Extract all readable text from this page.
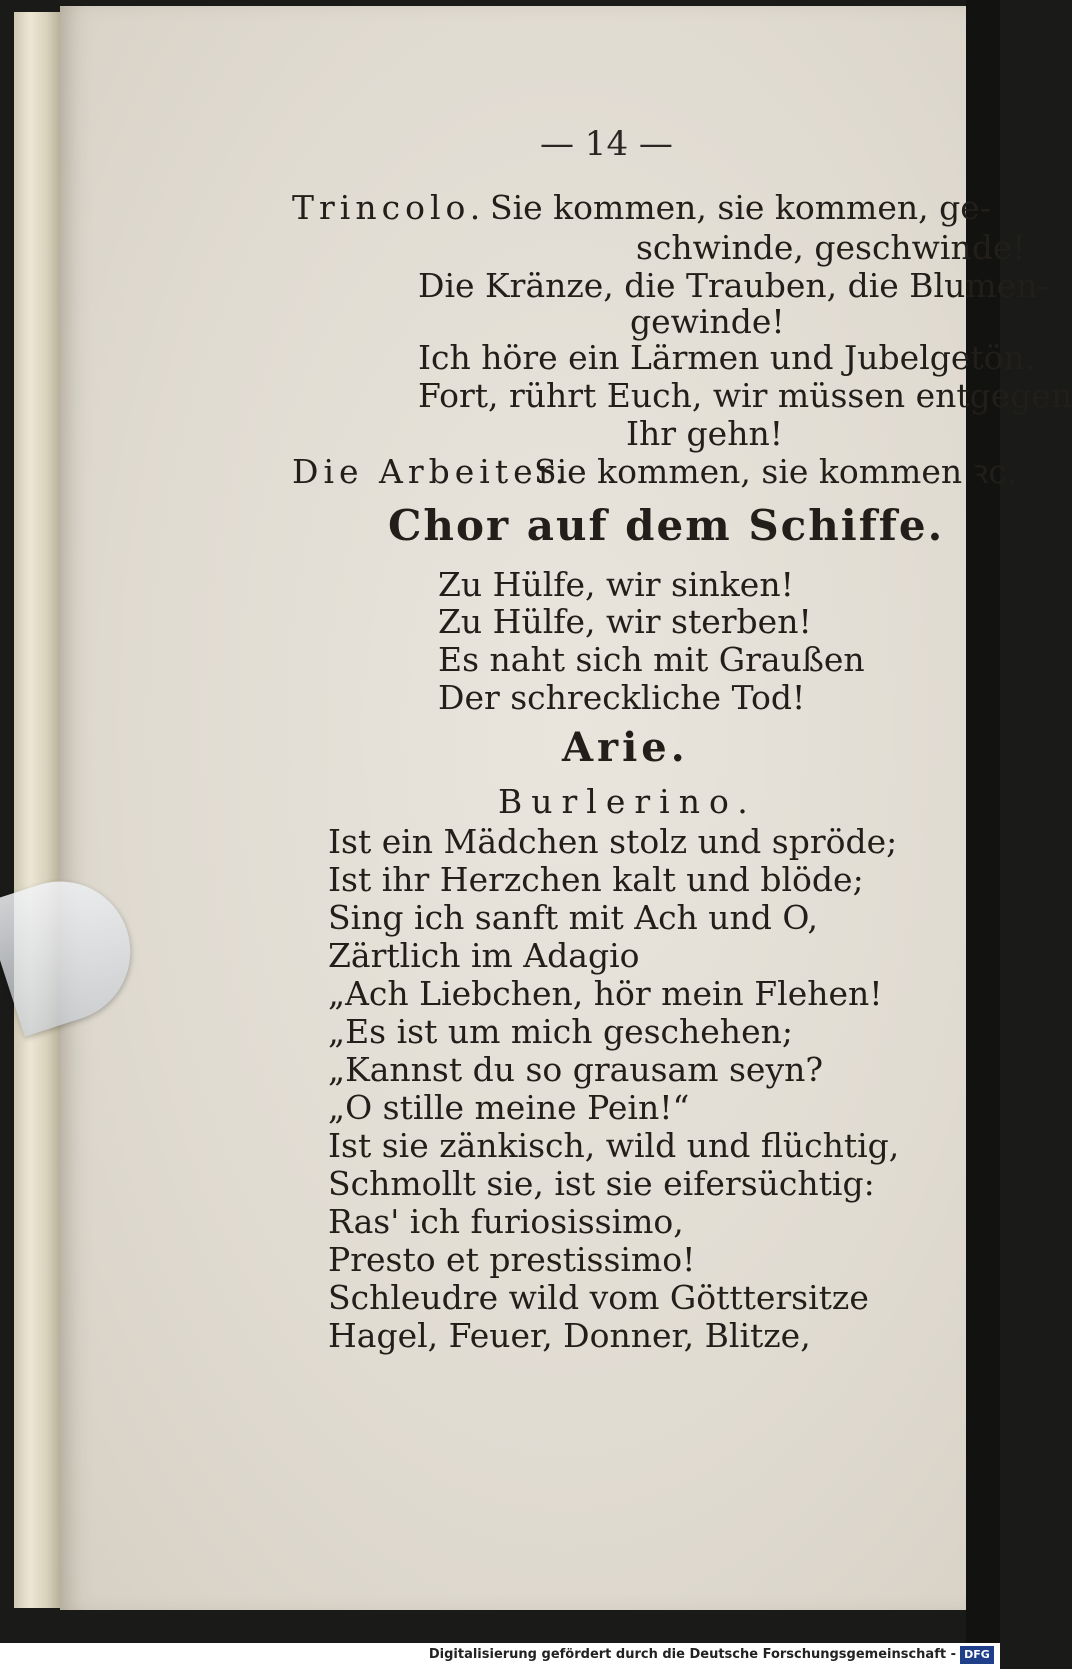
— 14 —
Trincolo. Sie kommen, sie kommen, ge-
schwinde, geschwinde!
Die Kränze, die Trauben, die Blumen-
gewinde!
Ich höre ein Lärmen und Jubelgetön.
Fort, rührt Euch, wir müssen entgegen
Ihr gehn!
Die Arbeiter.
Sie kommen, sie kommen ꝛc.
Chor auf dem Schiffe.
Zu Hülfe, wir sinken!
Zu Hülfe, wir sterben!
Es naht sich mit Graußen
Der schreckliche Tod!
Arie.
Burlerino.
Ist ein Mädchen stolz und spröde;
Ist ihr Herzchen kalt und blöde;
Sing ich sanft mit Ach und O,
Zärtlich im Adagio
„Ach Liebchen, hör mein Flehen!
„Es ist um mich geschehen;
„Kannst du so grausam seyn?
„O stille meine Pein!“
Ist sie zänkisch, wild und flüchtig,
Schmollt sie, ist sie eifersüchtig:
Ras' ich furiosissimo,
Presto et prestissimo!
Schleudre wild vom Götttersitze
Hagel, Feuer, Donner, Blitze,
Digitalisierung gefördert durch die Deutsche Forschungsgemeinschaft - DFG
